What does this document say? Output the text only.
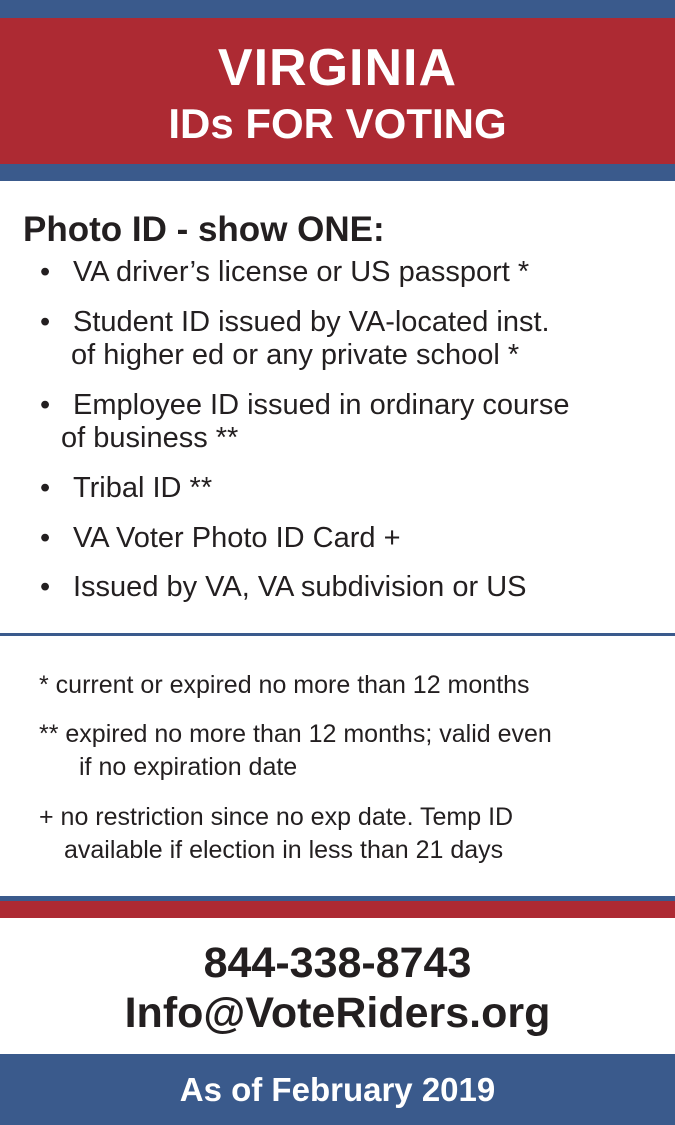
VIRGINIA
IDs FOR VOTING
Photo ID - show ONE:
• VA driver’s license or US passport *
• Student ID issued by VA-located inst.
of higher ed or any private school *
• Employee ID issued in ordinary course
of business **
• Tribal ID **
• VA Voter Photo ID Card +
• Issued by VA, VA subdivision or US
* current or expired no more than 12 months
** expired no more than 12 months; valid even
if no expiration date
+ no restriction since no exp date. Temp ID
available if election in less than 21 days
844-338-8743
Info@VoteRiders.org
As of February 2019
